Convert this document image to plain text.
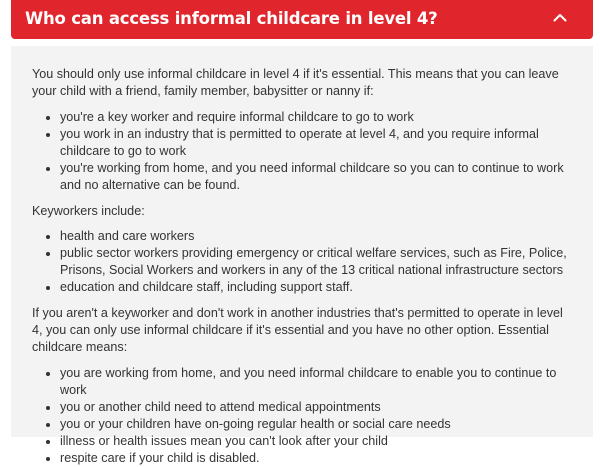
Who can access informal childcare in level 4?

You should only use informal childcare in level 4 if it's essential. This means that you can leave your child with a friend, family member, babysitter or nanny if:

you're a key worker and require informal childcare to go to work
you work in an industry that is permitted to operate at level 4, and you require informal childcare to go to work
you're working from home, and you need informal childcare so you can to continue to work and no alternative can be found.

Keyworkers include:

health and care workers
public sector workers providing emergency or critical welfare services, such as Fire, Police, Prisons, Social Workers and workers in any of the 13 critical national infrastructure sectors
education and childcare staff, including support staff.

If you aren't a keyworker and don't work in another industries that's permitted to operate in level 4, you can only use informal childcare if it's essential and you have no other option. Essential childcare means:

you are working from home, and you need informal childcare to enable you to continue to work
you or another child need to attend medical appointments
you or your children have on-going regular health or social care needs
illness or health issues mean you can't look after your child
respite care if your child is disabled.
